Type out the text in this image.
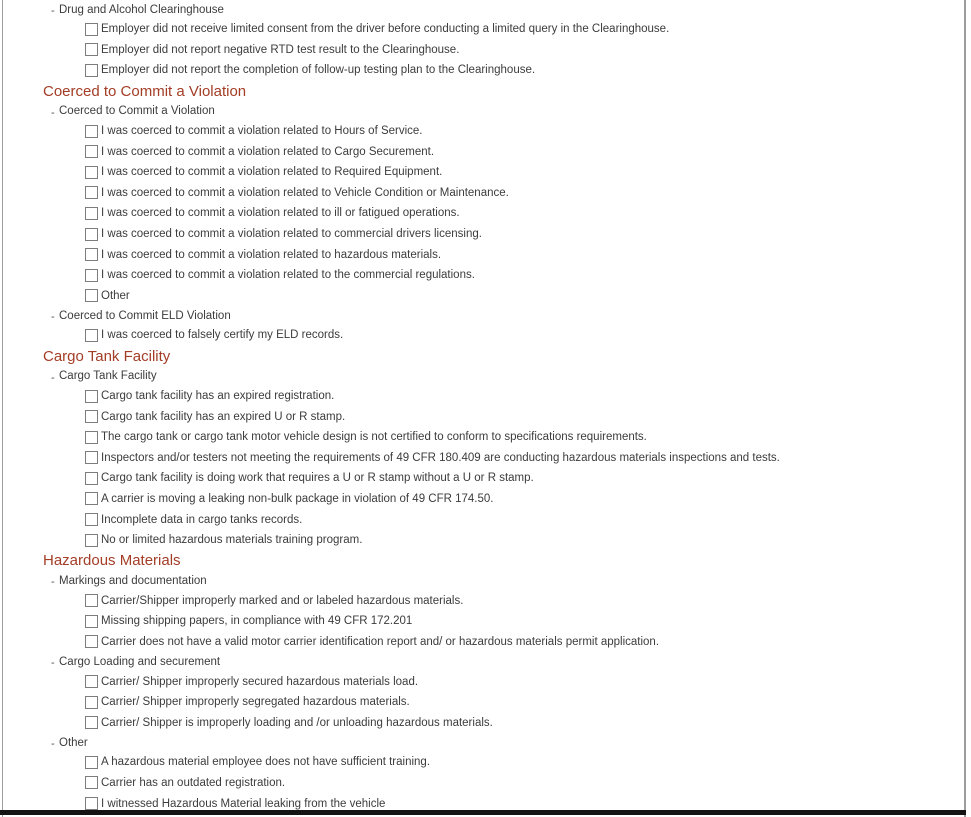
- Drug and Alcohol Clearinghouse
Employer did not receive limited consent from the driver before conducting a limited query in the Clearinghouse.
Employer did not report negative RTD test result to the Clearinghouse.
Employer did not report the completion of follow-up testing plan to the Clearinghouse.
Coerced to Commit a Violation
- Coerced to Commit a Violation
I was coerced to commit a violation related to Hours of Service.
I was coerced to commit a violation related to Cargo Securement.
I was coerced to commit a violation related to Required Equipment.
I was coerced to commit a violation related to Vehicle Condition or Maintenance.
I was coerced to commit a violation related to ill or fatigued operations.
I was coerced to commit a violation related to commercial drivers licensing.
I was coerced to commit a violation related to hazardous materials.
I was coerced to commit a violation related to the commercial regulations.
Other
- Coerced to Commit ELD Violation
I was coerced to falsely certify my ELD records.
Cargo Tank Facility
- Cargo Tank Facility
Cargo tank facility has an expired registration.
Cargo tank facility has an expired U or R stamp.
The cargo tank or cargo tank motor vehicle design is not certified to conform to specifications requirements.
Inspectors and/or testers not meeting the requirements of 49 CFR 180.409 are conducting hazardous materials inspections and tests.
Cargo tank facility is doing work that requires a U or R stamp without a U or R stamp.
A carrier is moving a leaking non-bulk package in violation of 49 CFR 174.50.
Incomplete data in cargo tanks records.
No or limited hazardous materials training program.
Hazardous Materials
- Markings and documentation
Carrier/Shipper improperly marked and or labeled hazardous materials.
Missing shipping papers, in compliance with 49 CFR 172.201
Carrier does not have a valid motor carrier identification report and/ or hazardous materials permit application.
- Cargo Loading and securement
Carrier/ Shipper improperly secured hazardous materials load.
Carrier/ Shipper improperly segregated hazardous materials.
Carrier/ Shipper is improperly loading and /or unloading hazardous materials.
- Other
A hazardous material employee does not have sufficient training.
Carrier has an outdated registration.
I witnessed Hazardous Material leaking from the vehicle
